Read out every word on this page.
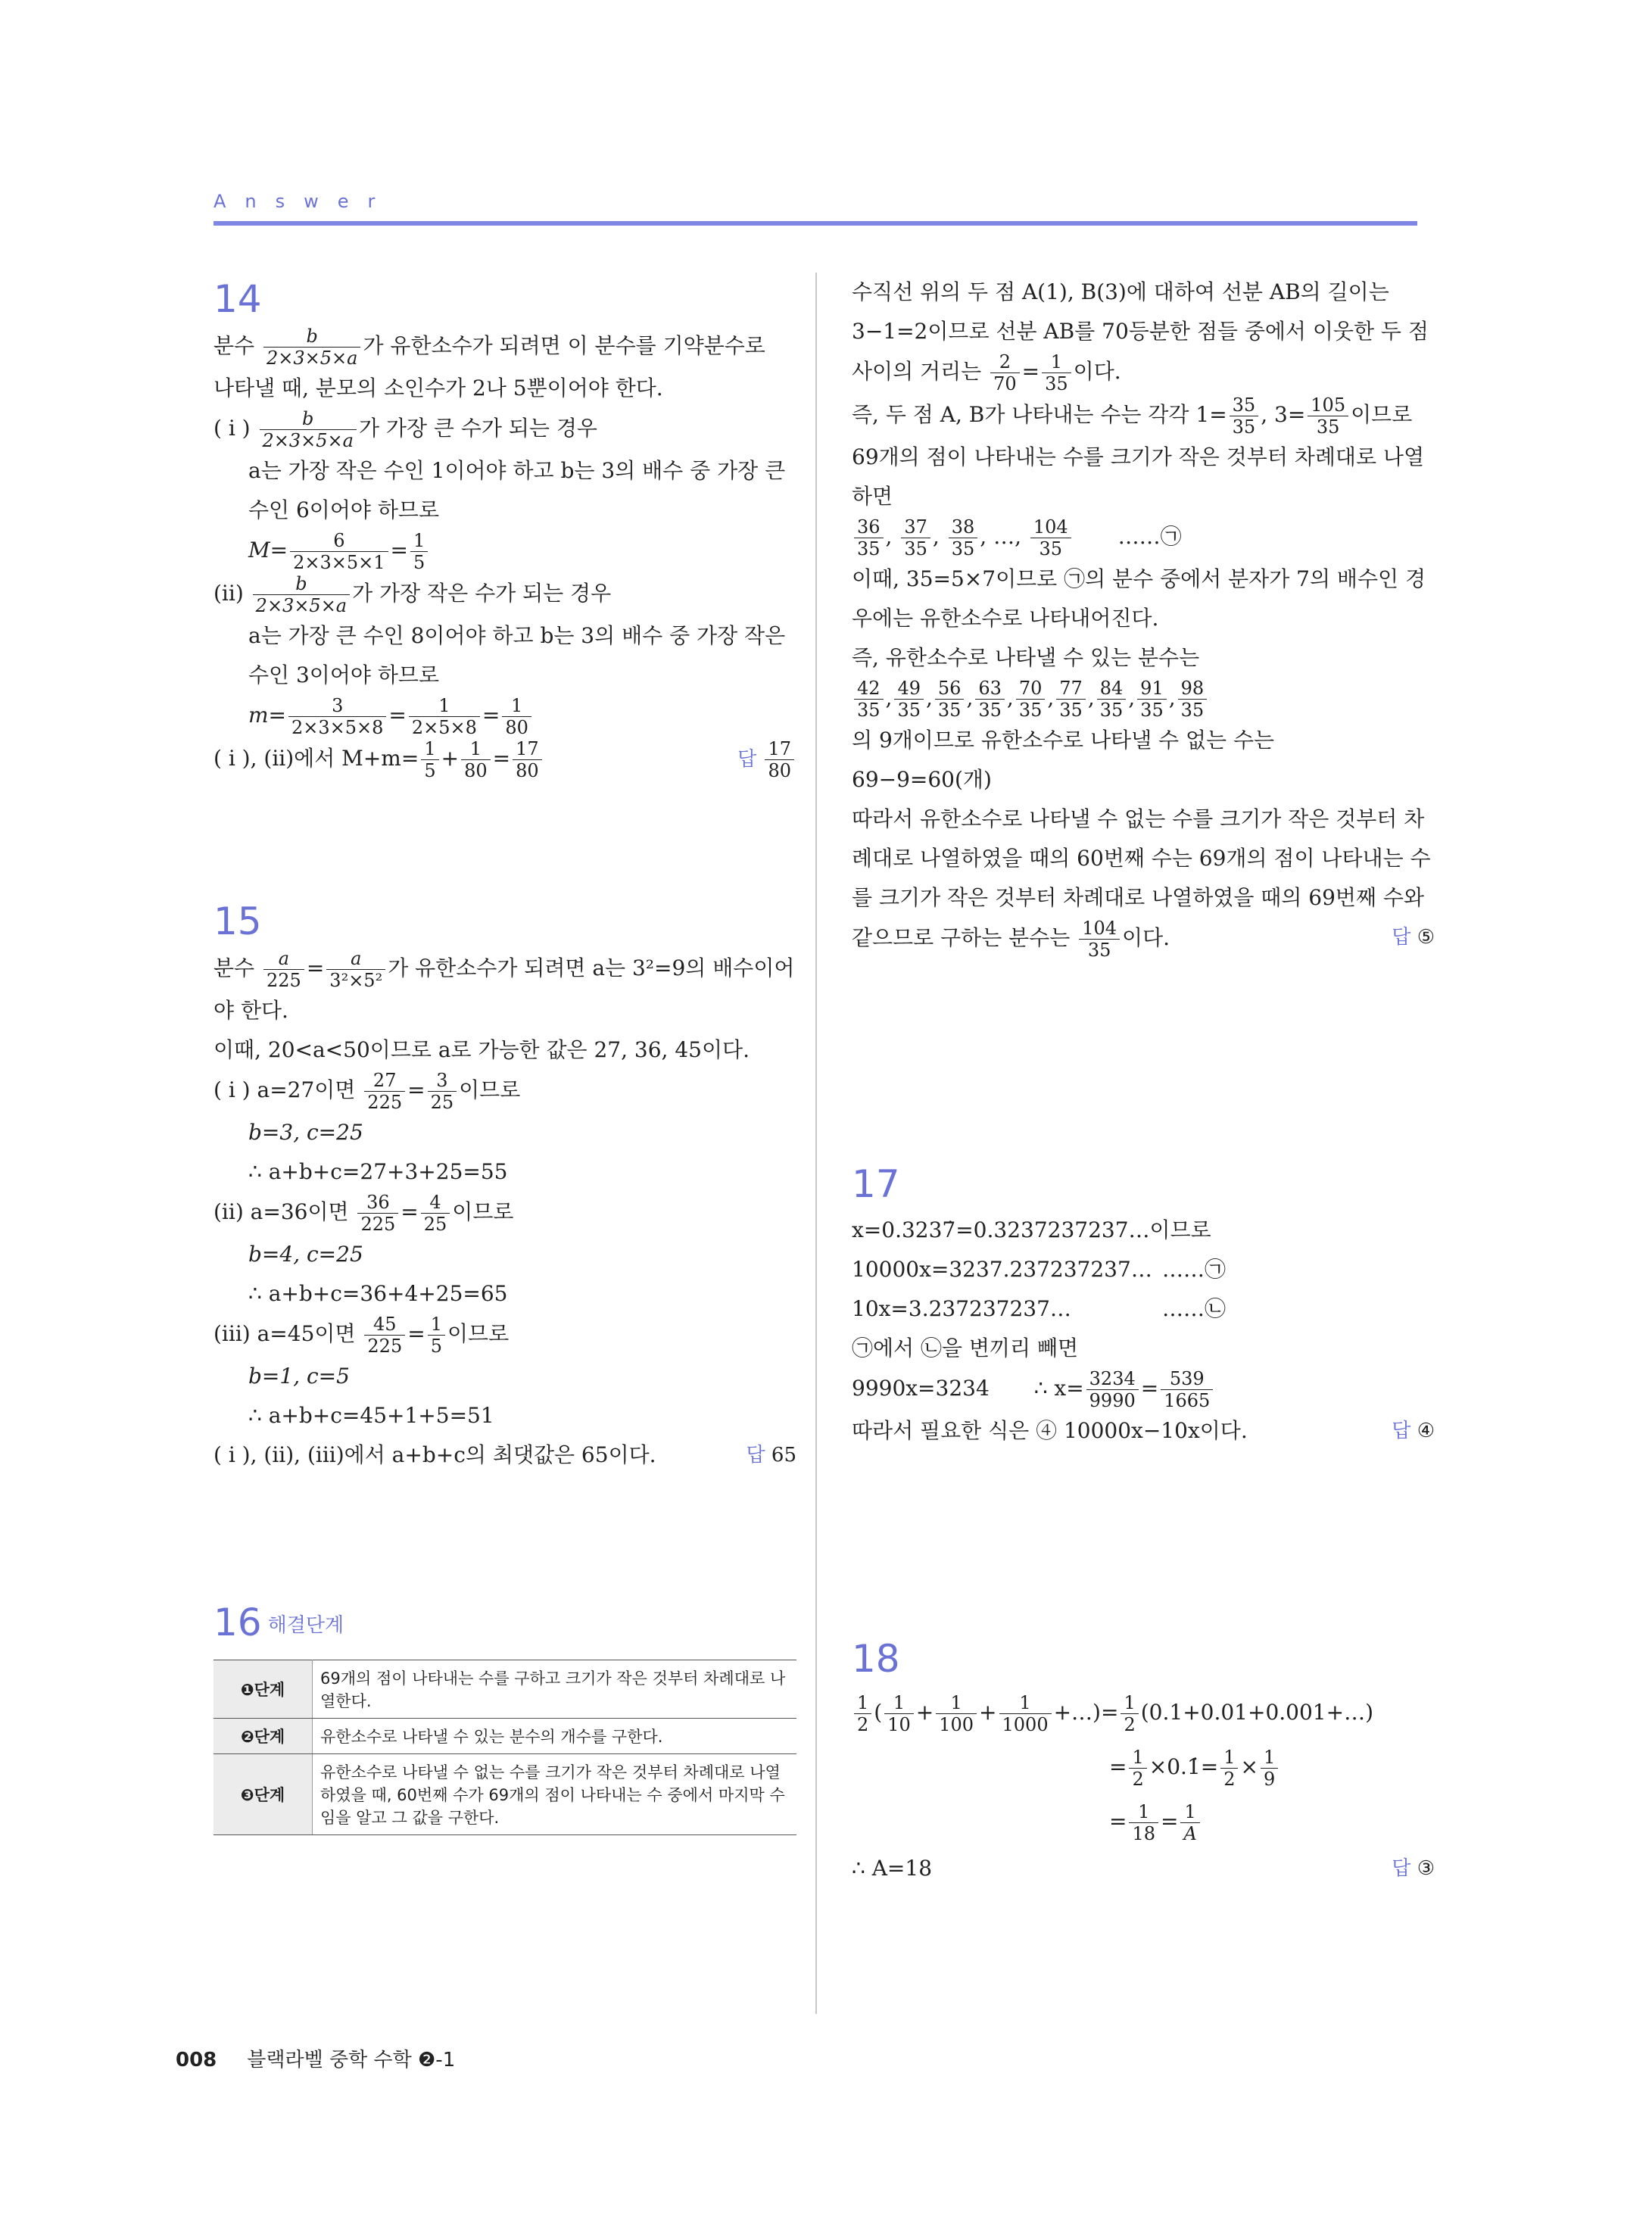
Answer
14
분수 $\frac{b}{2\times 3\times 5\times a}$ 가 유한소수가 되려면 이 분수를 기약분수로
나타낼 때, 분모의 소인수가 2나 5뿐이어야 한다.
( i ) $\frac{b}{2\times 3\times 5\times a}$ 가 가장 큰 수가 되는 경우
a는 가장 작은 수인 1이어야 하고 b는 3의 배수 중 가장 큰
수인 6이어야 하므로
$M= \frac{6}{2\times 3\times 5\times 1} = \frac{1}{5}$
$(ii) \frac{b}{2\times 3\times 5\times a}$ 가 가장 작은 수가 되는 경우
a는 가장 큰 수인 8이어야 하고 b는 3의 배수 중 가장 작은
수인 3이어야 하므로
$m= \frac{3}{2\times 3\times 5\times 8} = \frac{1}{2\times 5\times 8} = \frac{1}{80}$
( i ), (ii)에서 $M+m= \frac{1}{5} + \frac{1}{80} = \frac{17}{80}$	답 $\frac{17}{80}$
15
분수 $\frac{a}{225} = \frac{a}{\text{3²×5²}}$ 가 유한소수가 되려면 a는 3²=9의 배수이어
야 한다.
이때, 20<a<50이므로 a로 가능한 값은 27, 36, 45이다.
( i ) a=27이면 $\frac{27}{225} = \frac{3}{25}$ 이므로
b=3, c=25
∴ a+b+c=27+3+25=55
(ii) a=36이면 $\frac{36}{225} = \frac{4}{25}$ 이므로
b=4, c=25
∴ a+b+c=36+4+25=65
(iii) a=45이면 $\frac{45}{225} = \frac{1}{5}$ 이므로
b=1, c=5
∴ a+b+c=45+1+5=51
( i ), (ii), (iii)에서 a+b+c의 최댓값은 65이다.	답 65
16 해결단계
❶단계	69개의 점이 나타내는 수를 구하고 크기가 작은 것부터 차례대로 나열한다.
❷단계	유한소수로 나타낼 수 있는 분수의 개수를 구한다.
❸단계	유한소수로 나타낼 수 없는 수를 크기가 작은 것부터 차례대로 나열하였을 때, 60번째 수가 69개의 점이 나타내는 수 중에서 마지막 수임을 알고 그 값을 구한다.
수직선 위의 두 점 A(1), B(3)에 대하여 선분 AB의 길이는
3−1=2이므로 선분 AB를 70등분한 점들 중에서 이웃한 두 점
사이의 거리는 $\frac{2}{70} = \frac{1}{35}$ 이다.
즉, 두 점 A, B가 나타내는 수는 각각 $1= \frac{35}{35}$ , $3= \frac{105}{35}$ 이므로
69개의 점이 나타내는 수를 크기가 작은 것부터 차례대로 나열
하면
$\frac{36}{35}$ , $\frac{37}{35}$ , $\frac{38}{35}$ , …, $\frac{104}{35}$ ……㉠
이때, 35=5×7이므로 ㉠의 분수 중에서 분자가 7의 배수인 경
우에는 유한소수로 나타내어진다.
즉, 유한소수로 나타낼 수 있는 분수는
$\frac{42}{35}$ , $\frac{49}{35}$ , $\frac{56}{35}$ , $\frac{63}{35}$ , $\frac{70}{35}$ , $\frac{77}{35}$ , $\frac{84}{35}$ , $\frac{91}{35}$ , $\frac{98}{35}$
의 9개이므로 유한소수로 나타낼 수 없는 수는
69−9=60(개)
따라서 유한소수로 나타낼 수 없는 수를 크기가 작은 것부터 차
례대로 나열하였을 때의 60번째 수는 69개의 점이 나타내는 수
를 크기가 작은 것부터 차례대로 나열하였을 때의 69번째 수와
같으므로 구하는 분수는 $\frac{104}{35}$ 이다.	답 ⑤
17
x=0.3237̇=0.3237237237…이므로
10000x=3237.237237237… ……㉠
10x=3.237237237…	……㉡
㉠에서 ㉡을 변끼리 빼면
9990x=3234 ∴ $x= \frac{3234}{9990} = \frac{539}{1665}$
따라서 필요한 식은 ④ 10000x−10x이다.	답 ④
18
$\frac{1}{2}$ ( $\frac{1}{10} + \frac{1}{100} + \frac{1}{1000}$ +…)= $\frac{1}{2}$ (0.1+0.01+0.001+…)
= $\frac{1}{2}$ ×0.1̇= $\frac{1}{2} \times \frac{1}{9}$
= $\frac{1}{18} = \frac{1}{A}$
∴ A=18	답 ③
008 블랙라벨 중학 수학 ❷-1
